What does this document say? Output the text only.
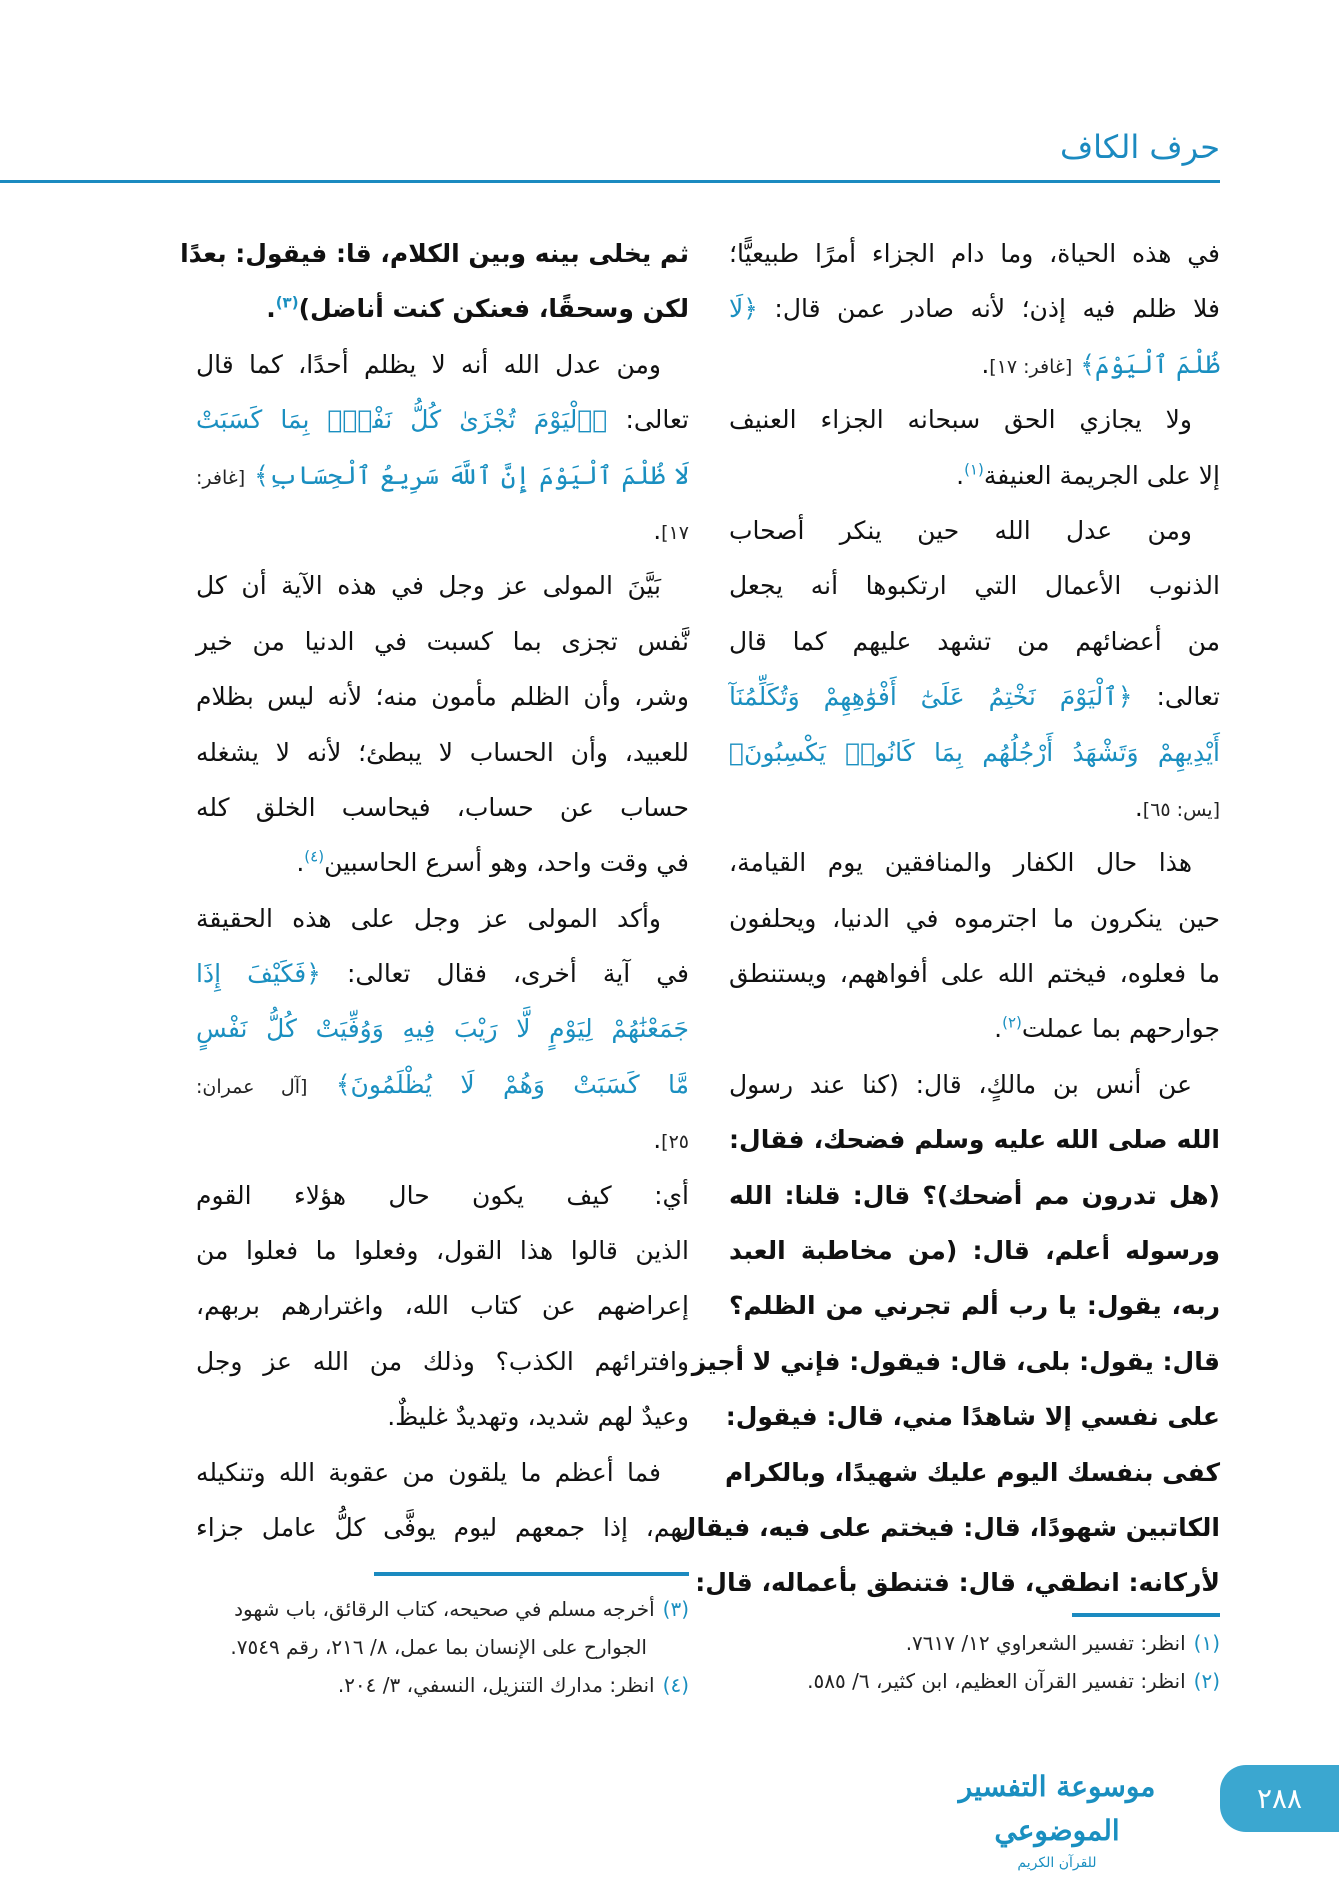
حرف الكاف
في هذه الحياة، وما دام الجزاء أمرًا طبيعيًّا؛
فلا ظلم فيه إذن؛ لأنه صادر عمن قال: ﴿لَا
ظُلْمَ ٱلْيَوْمَ﴾ [غافر: ١٧].
ولا يجازي الحق سبحانه الجزاء العنيف
إلا على الجريمة العنيفة$^{(١)}$.
ومن عدل الله حين ينكر أصحاب
الذنوب الأعمال التي ارتكبوها أنه يجعل
من أعضائهم من تشهد عليهم كما قال
تعالى: ﴿ٱلْيَوْمَ نَخْتِمُ عَلَىٰٓ أَفْوَٰهِهِمْ وَتُكَلِّمُنَآ
أَيْدِيهِمْ وَتَشْهَدُ أَرْجُلُهُم بِمَا كَانُوا۟ يَكْسِبُونَ﴾
[يس: ٦٥].
هذا حال الكفار والمنافقين يوم القيامة،
حين ينكرون ما اجترموه في الدنيا، ويحلفون
ما فعلوه، فيختم الله على أفواههم، ويستنطق
جوارحهم بما عملت$^{(٢)}$.
عن أنس بن مالكٍ، قال: (كنا عند رسول
الله صلى الله عليه وسلم فضحك، فقال:
(هل تدرون مم أضحك)؟ قال: قلنا: الله
ورسوله أعلم، قال: (من مخاطبة العبد
ربه، يقول: يا رب ألم تجرني من الظلم؟
قال: يقول: بلى، قال: فيقول: فإني لا أجيز
على نفسي إلا شاهدًا مني، قال: فيقول:
كفى بنفسك اليوم عليك شهيدًا، وبالكرام
الكاتبين شهودًا، قال: فيختم على فيه، فيقال
لأركانه: انطقي، قال: فتنطق بأعماله، قال:
ثم يخلى بينه وبين الكلام، قا: فيقول: بعدًا
لكن وسحقًا، فعنكن كنت أناضل)$^{(٣)}$.
ومن عدل الله أنه لا يظلم أحدًا، كما قال
تعالى: ﴿ٱلْيَوْمَ تُجْزَىٰ كُلُّ نَفْسٍۭ بِمَا كَسَبَتْ
لَا ظُلْمَ ٱلْيَوْمَ إِنَّ ٱللَّهَ سَرِيعُ ٱلْحِسَابِ﴾ [غافر:
١٧].
بَيَّنَ المولى عز وجل في هذه الآية أن كل
نَّفس تجزى بما كسبت في الدنيا من خير
وشر، وأن الظلم مأمون منه؛ لأنه ليس بظلام
للعبيد، وأن الحساب لا يبطئ؛ لأنه لا يشغله
حساب عن حساب، فيحاسب الخلق كله
في وقت واحد، وهو أسرع الحاسبين$^{(٤)}$.
وأكد المولى عز وجل على هذه الحقيقة
في آية أخرى، فقال تعالى: ﴿فَكَيْفَ إِذَا
جَمَعْنَٰهُمْ لِيَوْمٍ لَّا رَيْبَ فِيهِ وَوُفِّيَتْ كُلُّ نَفْسٍ
مَّا كَسَبَتْ وَهُمْ لَا يُظْلَمُونَ﴾ [آل عمران:
٢٥].
أي: كيف يكون حال هؤلاء القوم
الذين قالوا هذا القول، وفعلوا ما فعلوا من
إعراضهم عن كتاب الله، واغترارهم بربهم،
وافترائهم الكذب؟ وذلك من الله عز وجل
وعيدٌ لهم شديد، وتهديدٌ غليظٌ.
فما أعظم ما يلقون من عقوبة الله وتنكيله
بهم، إذا جمعهم ليوم يوفَّى كلُّ عامل جزاء
(١)انظر: تفسير الشعراوي ١٢/ ٧٦١٧.
(٢)انظر: تفسير القرآن العظيم، ابن كثير، ٦/ ٥٨٥.
(٣)أخرجه مسلم في صحيحه، كتاب الرقائق، باب شهود الجوارح على الإنسان بما عمل، ٨/ ٢١٦، رقم ٧٥٤٩.
(٤)انظر: مدارك التنزيل، النسفي، ٣/ ٢٠٤.
موسوعة التفسير الموضوعي
للقرآن الكريم
٢٨٨
